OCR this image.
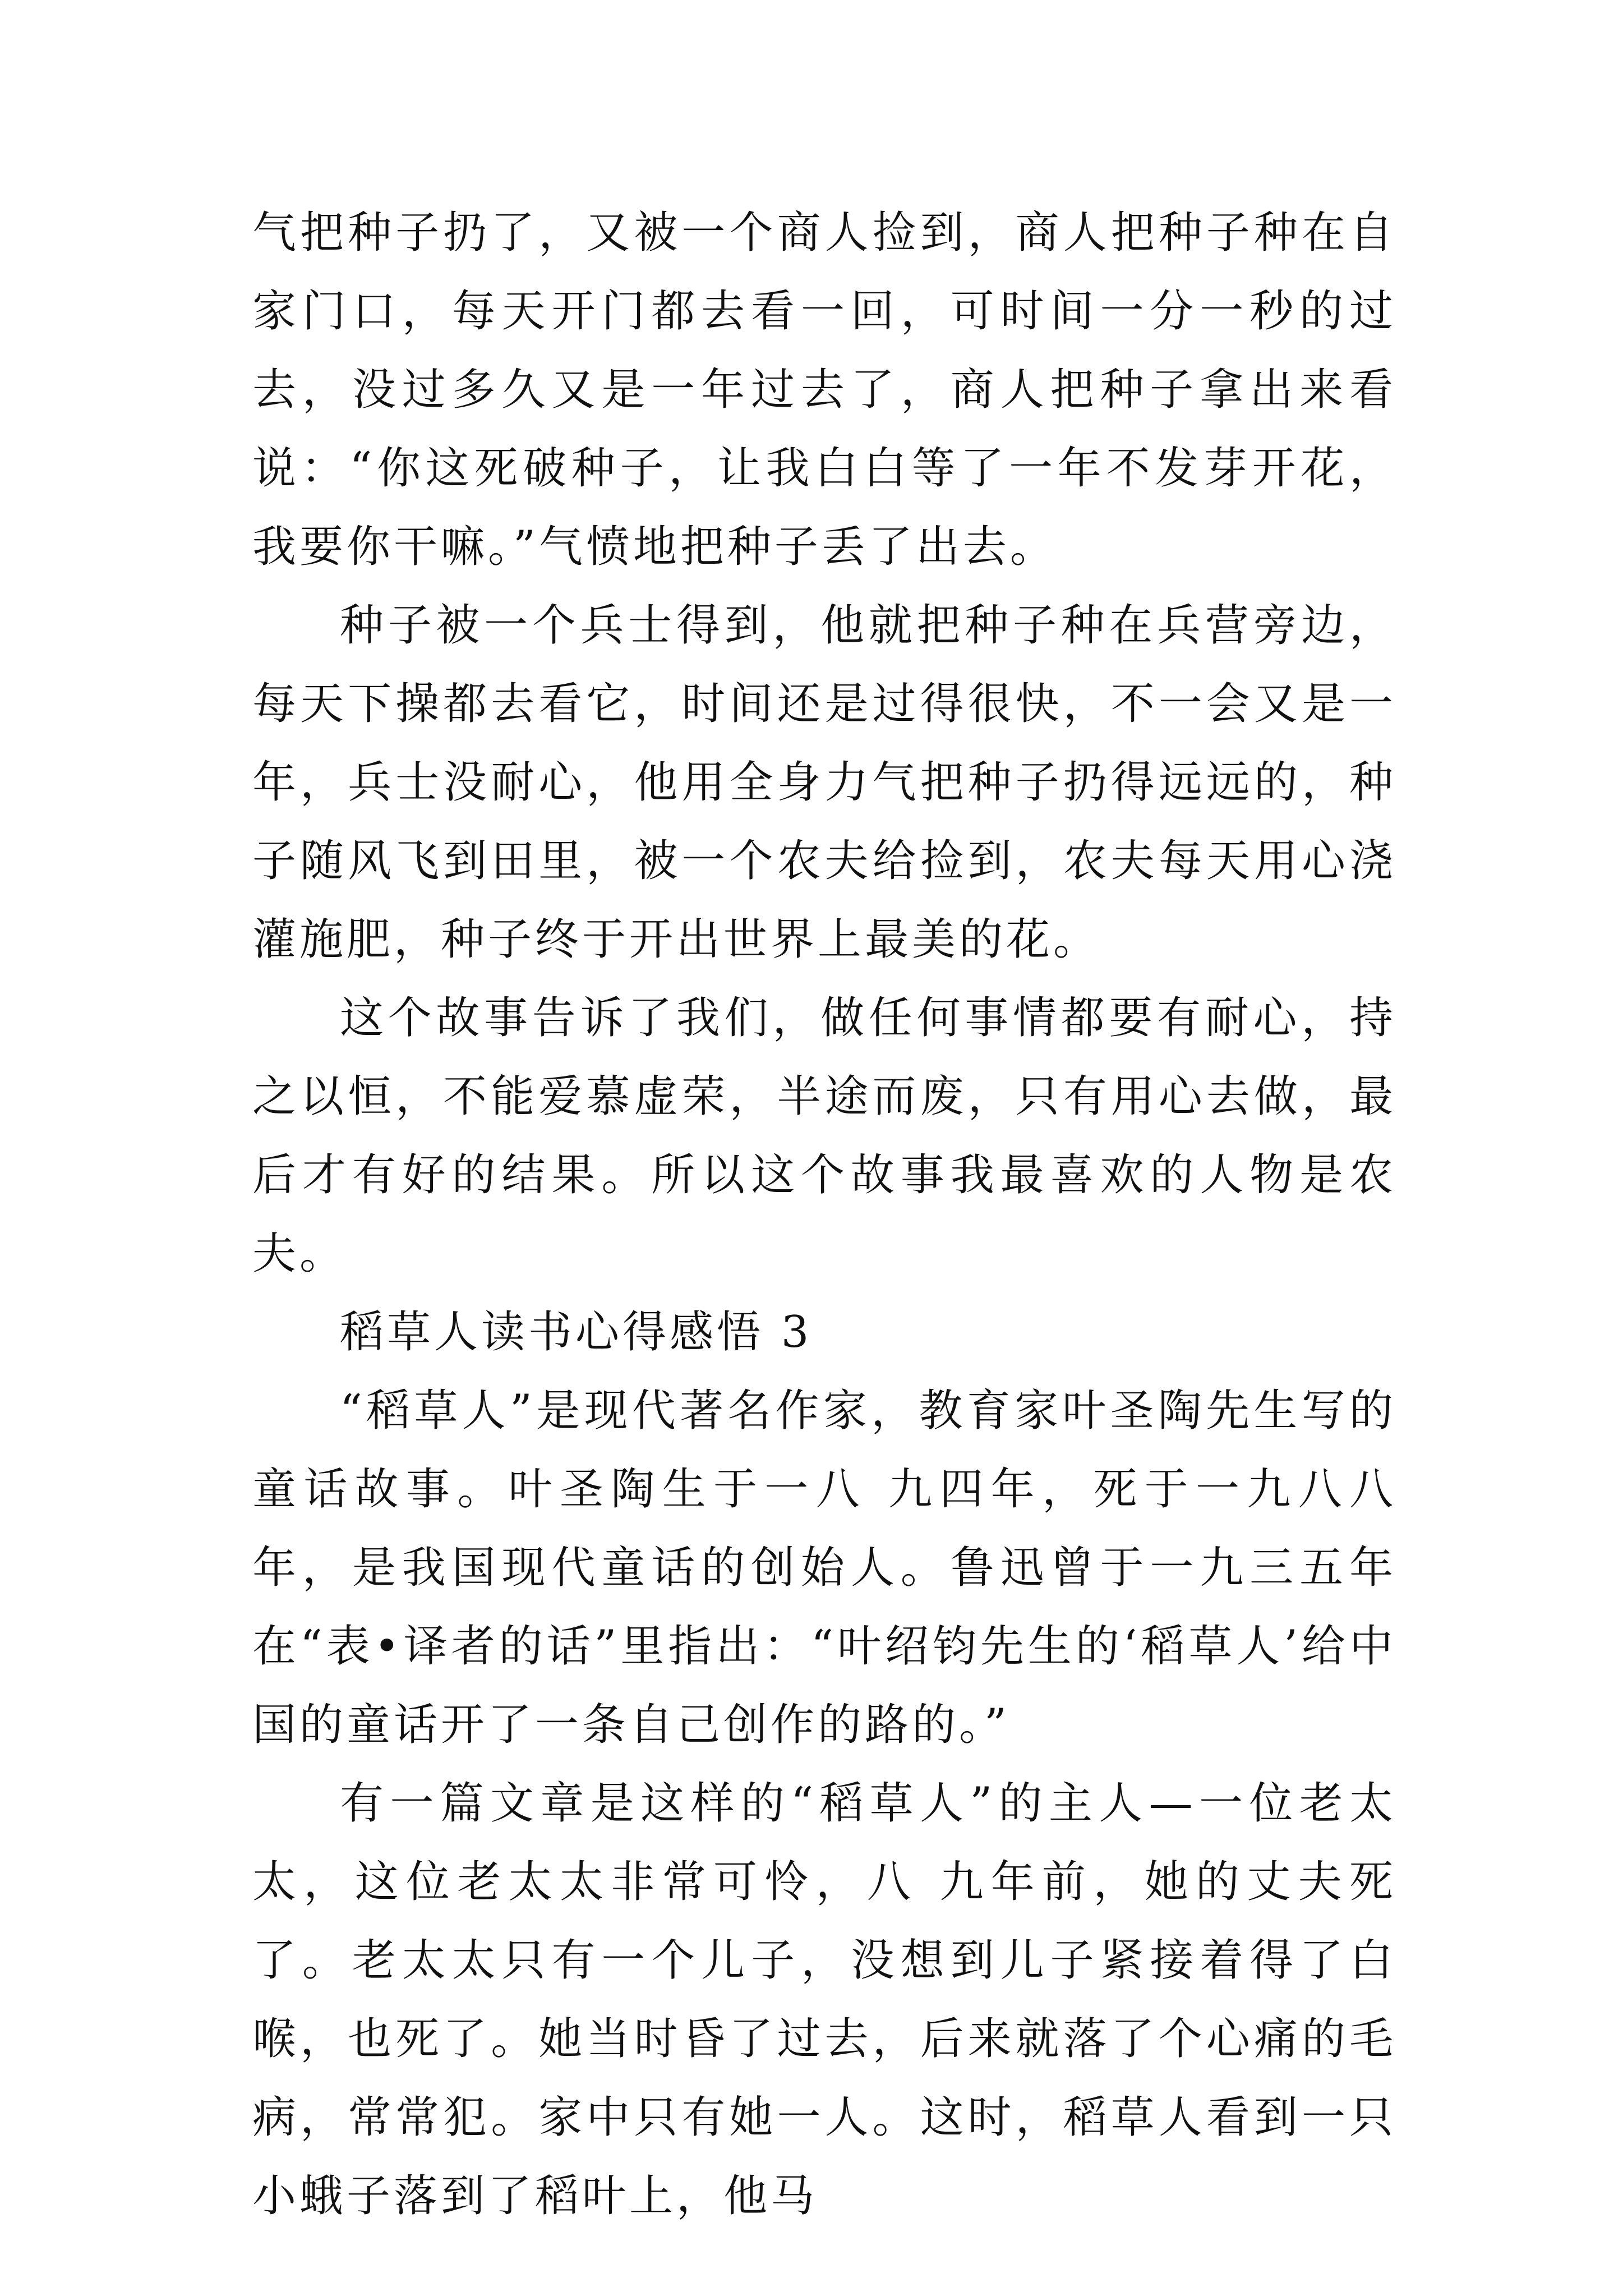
气把种子扔了，又被一个商人捡到，商人把种子种在自家门口，每天开门都去看一回，可时间一分一秒的过去，没过多久又是一年过去了，商人把种子拿出来看说：“你这死破种子，让我白白等了一年不发芽开花，我要你干嘛。”气愤地把种子丢了出去。

种子被一个兵士得到，他就把种子种在兵营旁边，每天下操都去看它，时间还是过得很快，不一会又是一年，兵士没耐心，他用全身力气把种子扔得远远的，种子随风飞到田里，被一个农夫给捡到，农夫每天用心浇灌施肥，种子终于开出世界上最美的花。

这个故事告诉了我们，做任何事情都要有耐心，持之以恒，不能爱慕虚荣，半途而废，只有用心去做，最后才有好的结果。所以这个故事我最喜欢的人物是农夫。

稻草人读书心得感悟 3

“稻草人”是现代著名作家，教育家叶圣陶先生写的童话故事。叶圣陶生于一八 九四年，死于一九八八年，是我国现代童话的创始人。鲁迅曾于一九三五年在“表•译者的话”里指出：“叶绍钧先生的‘稻草人’给中国的童话开了一条自己创作的路的。”

有一篇文章是这样的“稻草人”的主人—一位老太太，这位老太太非常可怜，八 九年前，她的丈夫死了。老太太只有一个儿子，没想到儿子紧接着得了白喉，也死了。她当时昏了过去，后来就落了个心痛的毛病，常常犯。家中只有她一人。这时，稻草人看到一只小蛾子落到了稻叶上，他马
